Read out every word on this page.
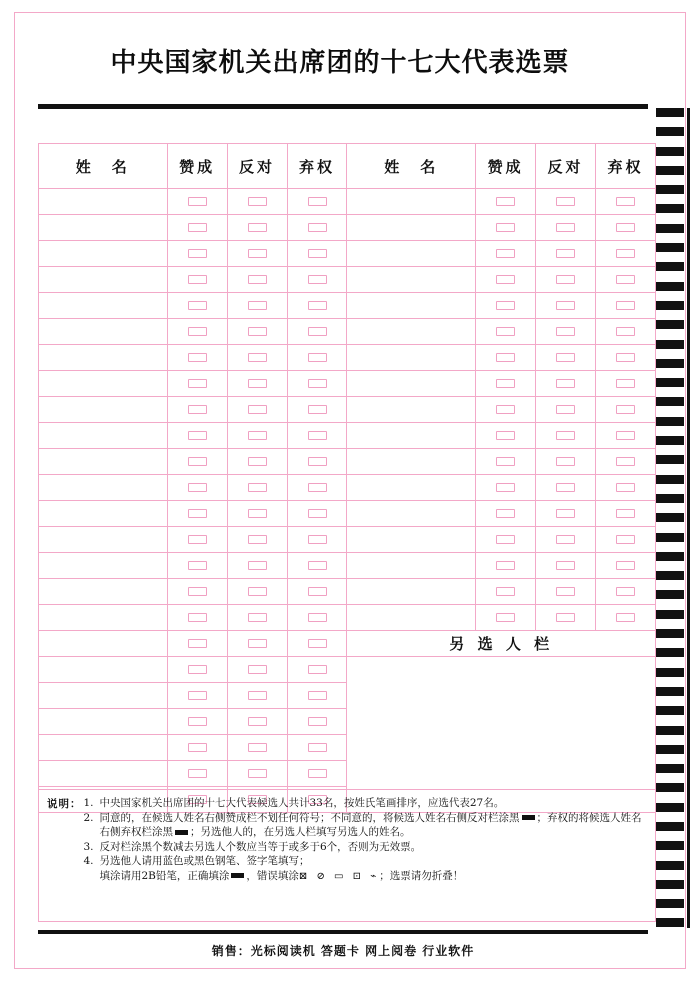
中央国家机关出席团的十七大代表选票
姓　名	赞成	反对	弃权	姓　名	赞成	反对	弃权

				另 选 人 栏			

说明： 1. 中央国家机关出席团的十七大代表候选人共计33名，按姓氏笔画排序，应选代表27名。
2. 同意的，在候选人姓名右侧赞成栏不划任何符号；不同意的，将候选人姓名右侧反对栏涂黑 ；弃权的将候选人姓名右侧弃权栏涂黑 ；另选他人的，在另选人栏填写另选人的姓名。
3. 反对栏涂黑个数减去另选人个数应当等于或多于6个，否则为无效票。
4. 另选他人请用蓝色或黑色钢笔、签字笔填写；
填涂请用2B铅笔，正确填涂 ，错误填涂⊠ ⊘ ▭ ⊡ ⌁；选票请勿折叠！
销售：光标阅读机 答题卡 网上阅卷 行业软件
